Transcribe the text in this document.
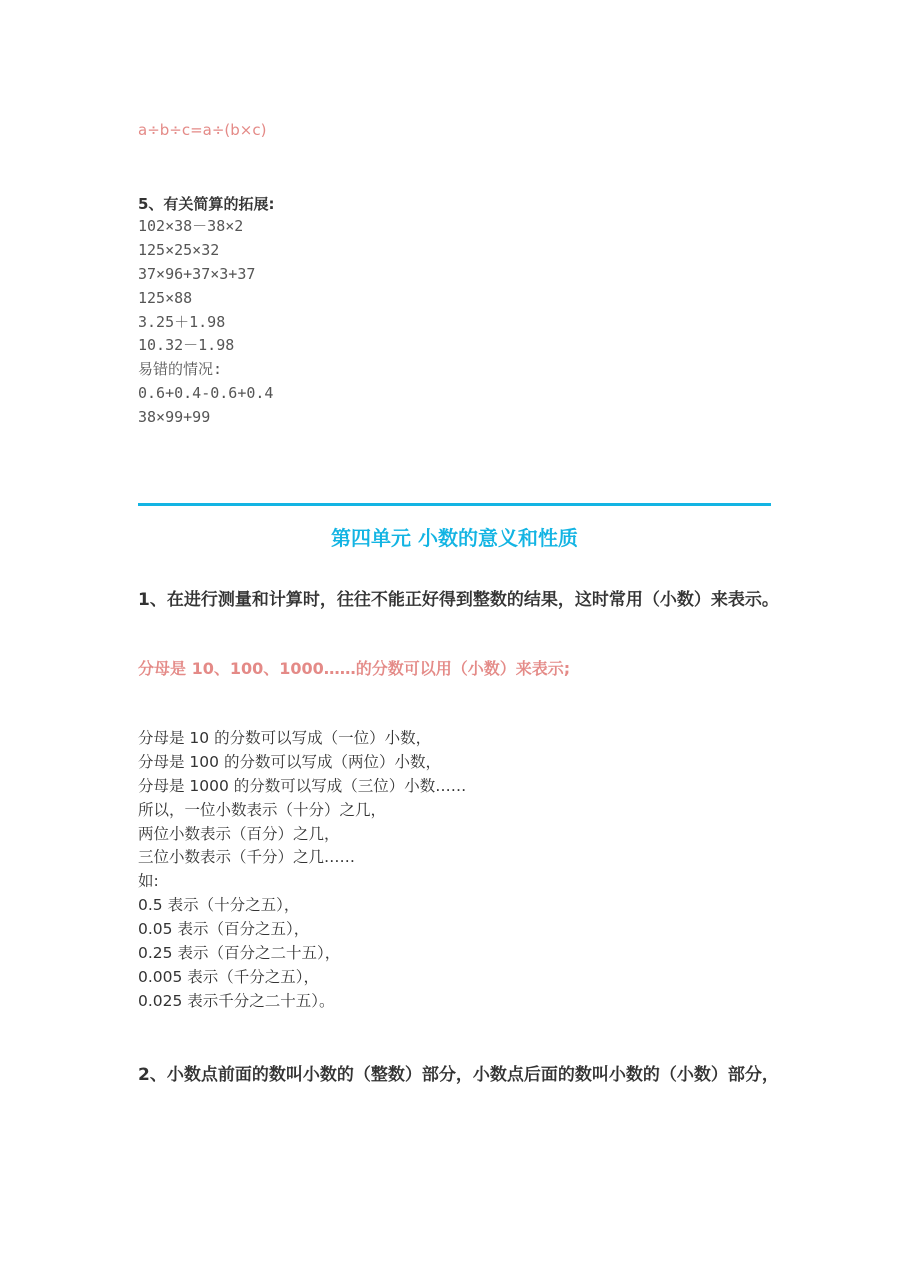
a÷b÷c=a÷(b×c)
5、有关简算的拓展:
102×38－38×2
125×25×32
37×96+37×3+37
125×88
3.25＋1.98
10.32－1.98
易错的情况:
0.6+0.4-0.6+0.4
38×99+99
第四单元 小数的意义和性质
1、在进行测量和计算时，往往不能正好得到整数的结果，这时常用（小数）来表示。
分母是 10、100、1000……的分数可以用（小数）来表示;
分母是 10 的分数可以写成（一位）小数，
分母是 100 的分数可以写成（两位）小数，
分母是 1000 的分数可以写成（三位）小数……
所以，一位小数表示（十分）之几，
两位小数表示（百分）之几，
三位小数表示（千分）之几……
如:
0.5 表示（十分之五），
0.05 表示（百分之五），
0.25 表示（百分之二十五），
0.005 表示（千分之五），
0.025 表示千分之二十五）。
2、小数点前面的数叫小数的（整数）部分，小数点后面的数叫小数的（小数）部分，
